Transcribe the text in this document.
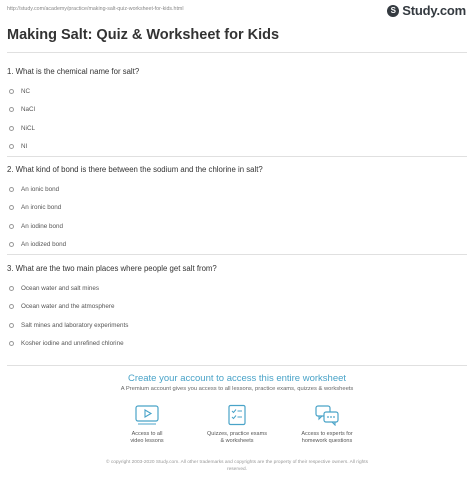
http://study.com/academy/practice/making-salt-quiz-worksheet-for-kids.html	S Study.com
Making Salt: Quiz & Worksheet for Kids

1. What is the chemical name for salt?

NC
NaCl
NiCL
NI

2. What kind of bond is there between the sodium and the chlorine in salt?

An ionic bond
An ironic bond
An iodine bond
An iodized bond

3. What are the two main places where people get salt from?

Ocean water and salt mines
Ocean water and the atmosphere
Salt mines and laboratory experiments
Kosher iodine and unrefined chlorine
Create your account to access this entire worksheet
A Premium account gives you access to all lessons, practice exams, quizzes & worksheets
Access to all
video lessons
Quizzes, practice exams
& worksheets
Access to experts for
homework questions
© copyright 2003-2020 Study.com. All other trademarks and copyrights are the property of their respective owners. All rights
reserved.
